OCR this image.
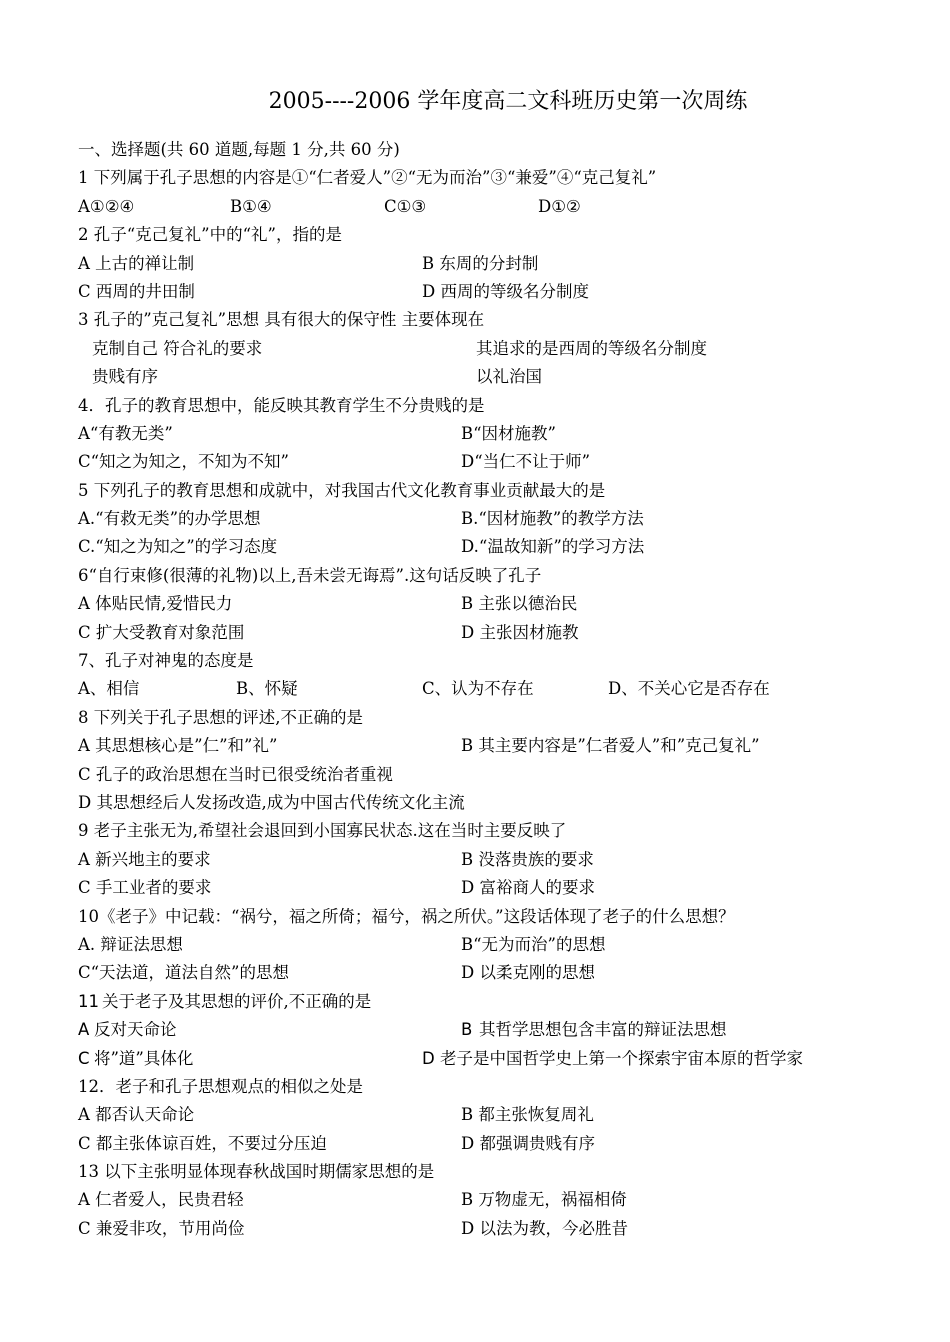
2005----2006 学年度高二文科班历史第一次周练
一、选择题(共 60 道题,每题 1 分,共 60 分)
1 下列属于孔子思想的内容是①“仁者爱人”②“无为而治”③“兼爱”④“克己复礼”
A①②④	B①④	C①③	D①②
2 孔子“克己复礼”中的“礼”，指的是
A 上古的禅让制	B 东周的分封制
C 西周的井田制	D 西周的等级名分制度
3 孔子的”克己复礼”思想 具有很大的保守性 主要体现在
克制自己 符合礼的要求	其追求的是西周的等级名分制度
贵贱有序	以礼治国
4．孔子的教育思想中，能反映其教育学生不分贵贱的是
A“有教无类”	B“因材施教”
C“知之为知之，不知为不知”	D“当仁不让于师”
5 下列孔子的教育思想和成就中，对我国古代文化教育事业贡献最大的是
A.“有救无类”的办学思想	B.“因材施教”的教学方法
C.“知之为知之”的学习态度	D.“温故知新”的学习方法
6“自行束修(很薄的礼物)以上,吾未尝无诲焉”.这句话反映了孔子
A 体贴民情,爱惜民力	B 主张以德治民
C 扩大受教育对象范围	D 主张因材施教
7、孔子对神鬼的态度是
A、相信	B、怀疑	C、认为不存在	D、不关心它是否存在
8 下列关于孔子思想的评述,不正确的是
A 其思想核心是”仁”和”礼”	B 其主要内容是”仁者爱人”和”克己复礼”
C 孔子的政治思想在当时已很受统治者重视
D 其思想经后人发扬改造,成为中国古代传统文化主流
9 老子主张无为,希望社会退回到小国寡民状态.这在当时主要反映了
A 新兴地主的要求	B 没落贵族的要求
C 手工业者的要求	D 富裕商人的要求
10《老子》中记载：“祸兮，福之所倚；福兮，祸之所伏。”这段话体现了老子的什么思想？
A. 辩证法思想	B“无为而治”的思想
C“天法道，道法自然”的思想	D 以柔克刚的思想
11 关于老子及其思想的评价,不正确的是
A 反对天命论	B 其哲学思想包含丰富的辩证法思想
C 将”道”具体化	D 老子是中国哲学史上第一个探索宇宙本原的哲学家
12．老子和孔子思想观点的相似之处是
A 都否认天命论	B 都主张恢复周礼
C 都主张体谅百姓，不要过分压迫	D 都强调贵贱有序
13 以下主张明显体现春秋战国时期儒家思想的是
A 仁者爱人，民贵君轻	B 万物虚无，祸福相倚
C 兼爱非攻，节用尚俭	D 以法为教，今必胜昔
